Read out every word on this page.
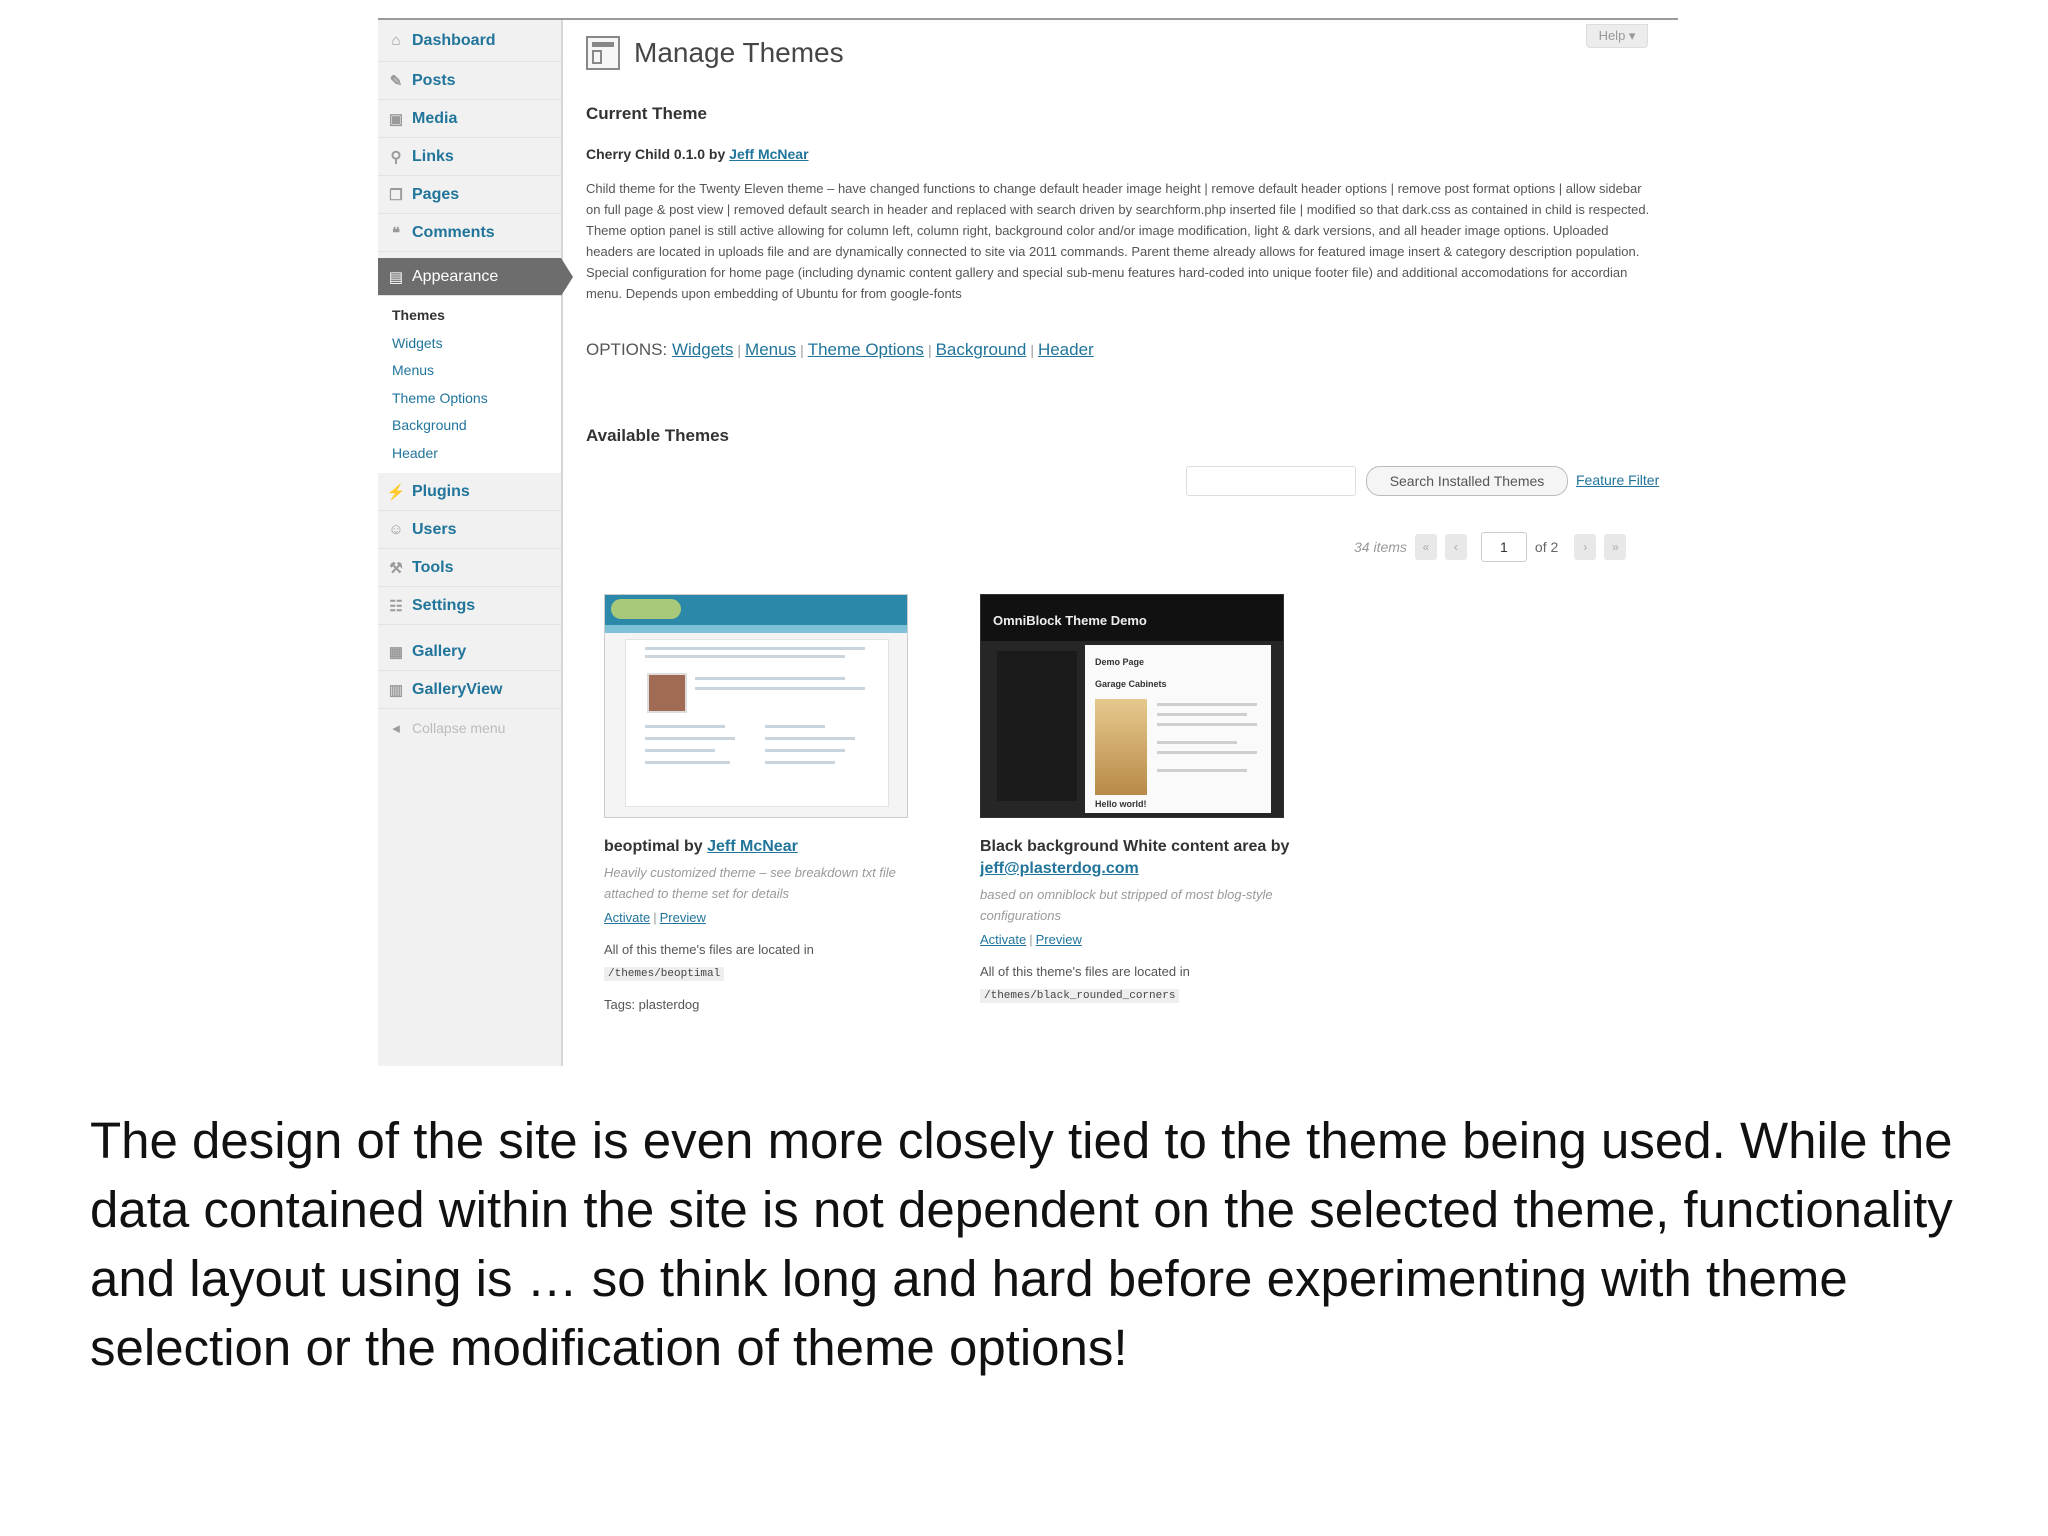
⌂ Dashboard
✎ Posts
▣ Media
⚲ Links
❐ Pages
❝ Comments
▤ Appearance
Themes
Widgets
Menus
Theme Options
Background
Header
⚡ Plugins
☺ Users
⚒ Tools
☷ Settings
▦ Gallery
▥ GalleryView
◂ Collapse menu
Help ▾
Manage Themes
Current Theme
Cherry Child 0.1.0 by Jeff McNear
Child theme for the Twenty Eleven theme – have changed functions to change default header image height | remove default header options | remove post format options | allow sidebar on full page & post view | removed default search in header and replaced with search driven by searchform.php inserted file | modified so that dark.css as contained in child is respected. Theme option panel is still active allowing for column left, column right, background color and/or image modification, light & dark versions, and all header image options. Uploaded headers are located in uploads file and are dynamically connected to site via 2011 commands. Parent theme already allows for featured image insert & category description population. Special configuration for home page (including dynamic content gallery and special sub-menu features hard-coded into unique footer file) and additional accomodations for accordian menu. Depends upon embedding of Ubuntu for from google-fonts
OPTIONS: Widgets | Menus | Theme Options | Background | Header
Available Themes
Search Installed Themes	Feature Filter
34 items	«	‹	1	of 2	›	»
beoptimal by Jeff McNear
Heavily customized theme – see breakdown txt file attached to theme set for details
Activate | Preview
All of this theme's files are located in
/themes/beoptimal
Tags: plasterdog
OmniBlock Theme Demo
Demo Page
Garage Cabinets
Hello world!
Black background White content area by jeff@plasterdog.com
based on omniblock but stripped of most blog-style configurations
Activate | Preview
All of this theme's files are located in
/themes/black_rounded_corners
The design of the site is even more closely tied to the theme being used. While the data contained within the site is not dependent on the selected theme, functionality and layout using is … so think long and hard before experimenting with theme selection or the modification of theme options!
